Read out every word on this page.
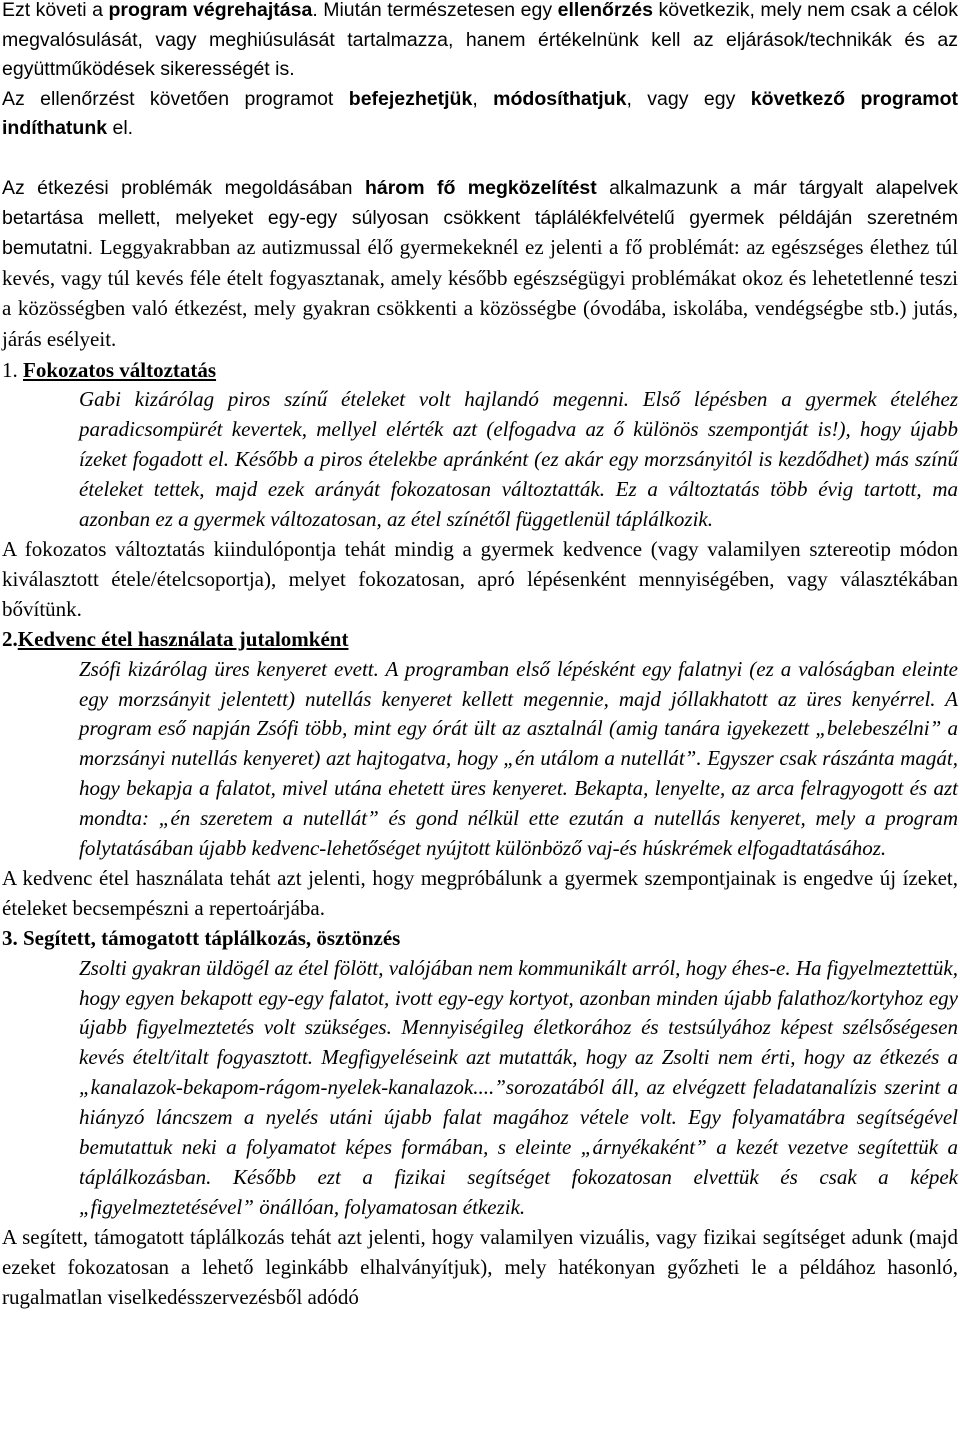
Ezt követi a program végrehajtása. Miután természetesen egy ellenőrzés következik, mely nem csak a célok megvalósulását, vagy meghiúsulását tartalmazza, hanem értékelnünk kell az eljárások/technikák és az együttműködések sikerességét is.

Az ellenőrzést követően programot befejezhetjük, módosíthatjuk, vagy egy következő programot indíthatunk el.

Az étkezési problémák megoldásában három fő megközelítést alkalmazunk a már tárgyalt alapelvek betartása mellett, melyeket egy-egy súlyosan csökkent táplálékfelvételű gyermek példáján szeretném bemutatni. Leggyakrabban az autizmussal élő gyermekeknél ez jelenti a fő problémát: az egészséges élethez túl kevés, vagy túl kevés féle ételt fogyasztanak, amely később egészségügyi problémákat okoz és lehetetlenné teszi a közösségben való étkezést, mely gyakran csökkenti a közösségbe (óvodába, iskolába, vendégségbe stb.) jutás, járás esélyeit.

1. Fokozatos változtatás

Gabi kizárólag piros színű ételeket volt hajlandó megenni. Első lépésben a gyermek ételéhez paradicsompürét kevertek, mellyel elérték azt (elfogadva az ő különös szempontját is!), hogy újabb ízeket fogadott el. Később a piros ételekbe apránként (ez akár egy morzsányitól is kezdődhet) más színű ételeket tettek, majd ezek arányát fokozatosan változtatták. Ez a változtatás több évig tartott, ma azonban ez a gyermek változatosan, az étel színétől függetlenül táplálkozik.

A fokozatos változtatás kiindulópontja tehát mindig a gyermek kedvence (vagy valamilyen sztereotip módon kiválasztott étele/ételcsoportja), melyet fokozatosan, apró lépésenként mennyiségében, vagy választékában bővítünk.

2.Kedvenc étel használata jutalomként

Zsófi kizárólag üres kenyeret evett. A programban első lépésként egy falatnyi (ez a valóságban eleinte egy morzsányit jelentett) nutellás kenyeret kellett megennie, majd jóllakhatott az üres kenyérrel. A program eső napján Zsófi több, mint egy órát ült az asztalnál (amig tanára igyekezett „belebeszélni” a morzsányi nutellás kenyeret) azt hajtogatva, hogy „én utálom a nutellát”. Egyszer csak rászánta magát, hogy bekapja a falatot, mivel utána ehetett üres kenyeret. Bekapta, lenyelte, az arca felragyogott és azt mondta: „én szeretem a nutellát” és gond nélkül ette ezután a nutellás kenyeret, mely a program folytatásában újabb kedvenc-lehetőséget nyújtott különböző vaj-és húskrémek elfogadtatásához.

A kedvenc étel használata tehát azt jelenti, hogy megpróbálunk a gyermek szempontjainak is engedve új ízeket, ételeket becsempészni a repertoárjába.

3. Segített, támogatott táplálkozás, ösztönzés

Zsolti gyakran üldögél az étel fölött, valójában nem kommunikált arról, hogy éhes-e. Ha figyelmeztettük, hogy egyen bekapott egy-egy falatot, ivott egy-egy kortyot, azonban minden újabb falathoz/kortyhoz egy újabb figyelmeztetés volt szükséges. Mennyiségileg életkorához és testsúlyához képest szélsőségesen kevés ételt/italt fogyasztott. Megfigyeléseink azt mutatták, hogy az Zsolti nem érti, hogy az étkezés a „kanalazok-bekapom-rágom-nyelek-kanalazok....”sorozatából áll, az elvégzett feladatanalízis szerint a hiányzó láncszem a nyelés utáni újabb falat magához vétele volt. Egy folyamatábra segítségével bemutattuk neki a folyamatot képes formában, s eleinte „árnyékaként” a kezét vezetve segítettük a táplálkozásban. Később ezt a fizikai segítséget fokozatosan elvettük és csak a képek „figyelmeztetésével” önállóan, folyamatosan étkezik.

A segített, támogatott táplálkozás tehát azt jelenti, hogy valamilyen vizuális, vagy fizikai segítséget adunk (majd ezeket fokozatosan a lehető leginkább elhalványítjuk), mely hatékonyan győzheti le a példához hasonló, rugalmatlan viselkedésszervezésből adódó
